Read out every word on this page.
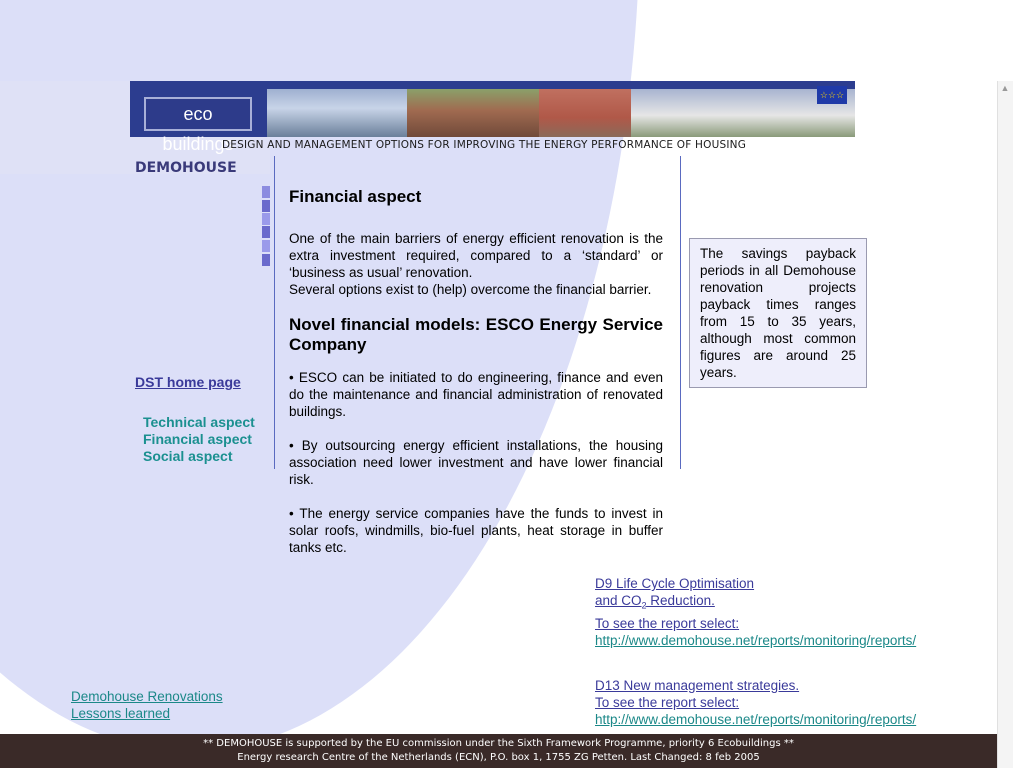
eco buildings
☆☆☆
DESIGN AND MANAGEMENT OPTIONS FOR IMPROVING THE ENERGY PERFORMANCE OF HOUSING
DEMOHOUSE
DST home page
Technical aspect
Financial aspect
Social aspect
Financial aspect

One of the main barriers of energy efficient renovation is the extra investment required, compared to a ‘standard’ or ‘business as usual’ renovation.

Several options exist to (help) overcome the financial barrier.

Novel financial models: ESCO Energy Service Company

• ESCO can be initiated to do engineering, finance and even do the maintenance and financial administration of renovated buildings.

• By outsourcing energy efficient installations, the housing association need lower investment and have lower financial risk.

• The energy service companies have the funds to invest in solar roofs, windmills, bio-fuel plants, heat storage in buffer tanks etc.

The savings payback periods in all Demohouse renovation projects payback times ranges from 15 to 35 years, although most common figures are around 25 years.
D9 Life Cycle Optimisation
and $CO_2$ Reduction.
To see the report select:
http://www.demohouse.net/reports/monitoring/reports/
D13 New management strategies.
To see the report select:
http://www.demohouse.net/reports/monitoring/reports/
Demohouse Renovations
Lessons learned
** DEMOHOUSE is supported by the EU commission under the Sixth Framework Programme, priority 6 Ecobuildings **
Energy research Centre of the Netherlands (ECN), P.O. box 1, 1755 ZG Petten. Last Changed: 8 feb 2005
▲
